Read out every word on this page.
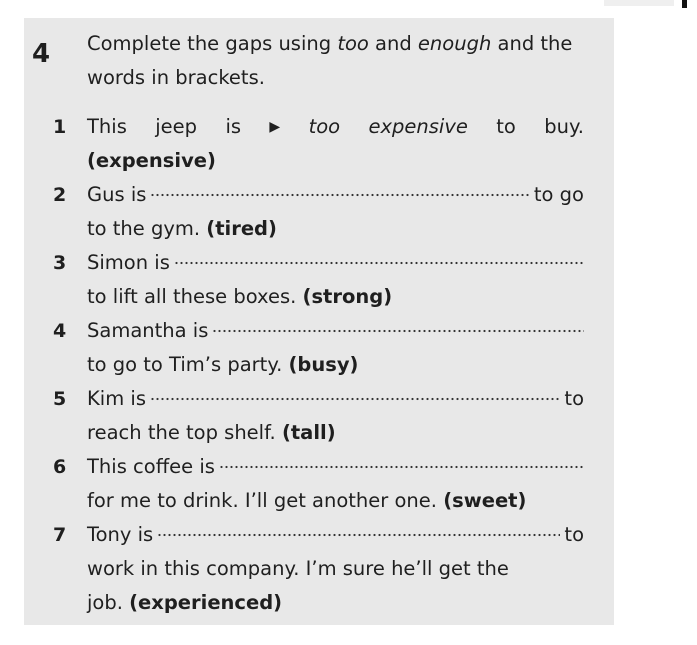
4 Complete the gaps using too and enough and the words in brackets.
1	This jeep is ▶ too expensive to buy.
(expensive)
2	Gus is	to go
to the gym. (tired)
3	Simon is
to lift all these boxes. (strong)
4	Samantha is
to go to Tim’s party. (busy)
5	Kim is	to
reach the top shelf. (tall)
6	This coffee is
for me to drink. I’ll get another one. (sweet)
7	Tony is	to
work in this company. I’m sure he’ll get the
job. (experienced)
